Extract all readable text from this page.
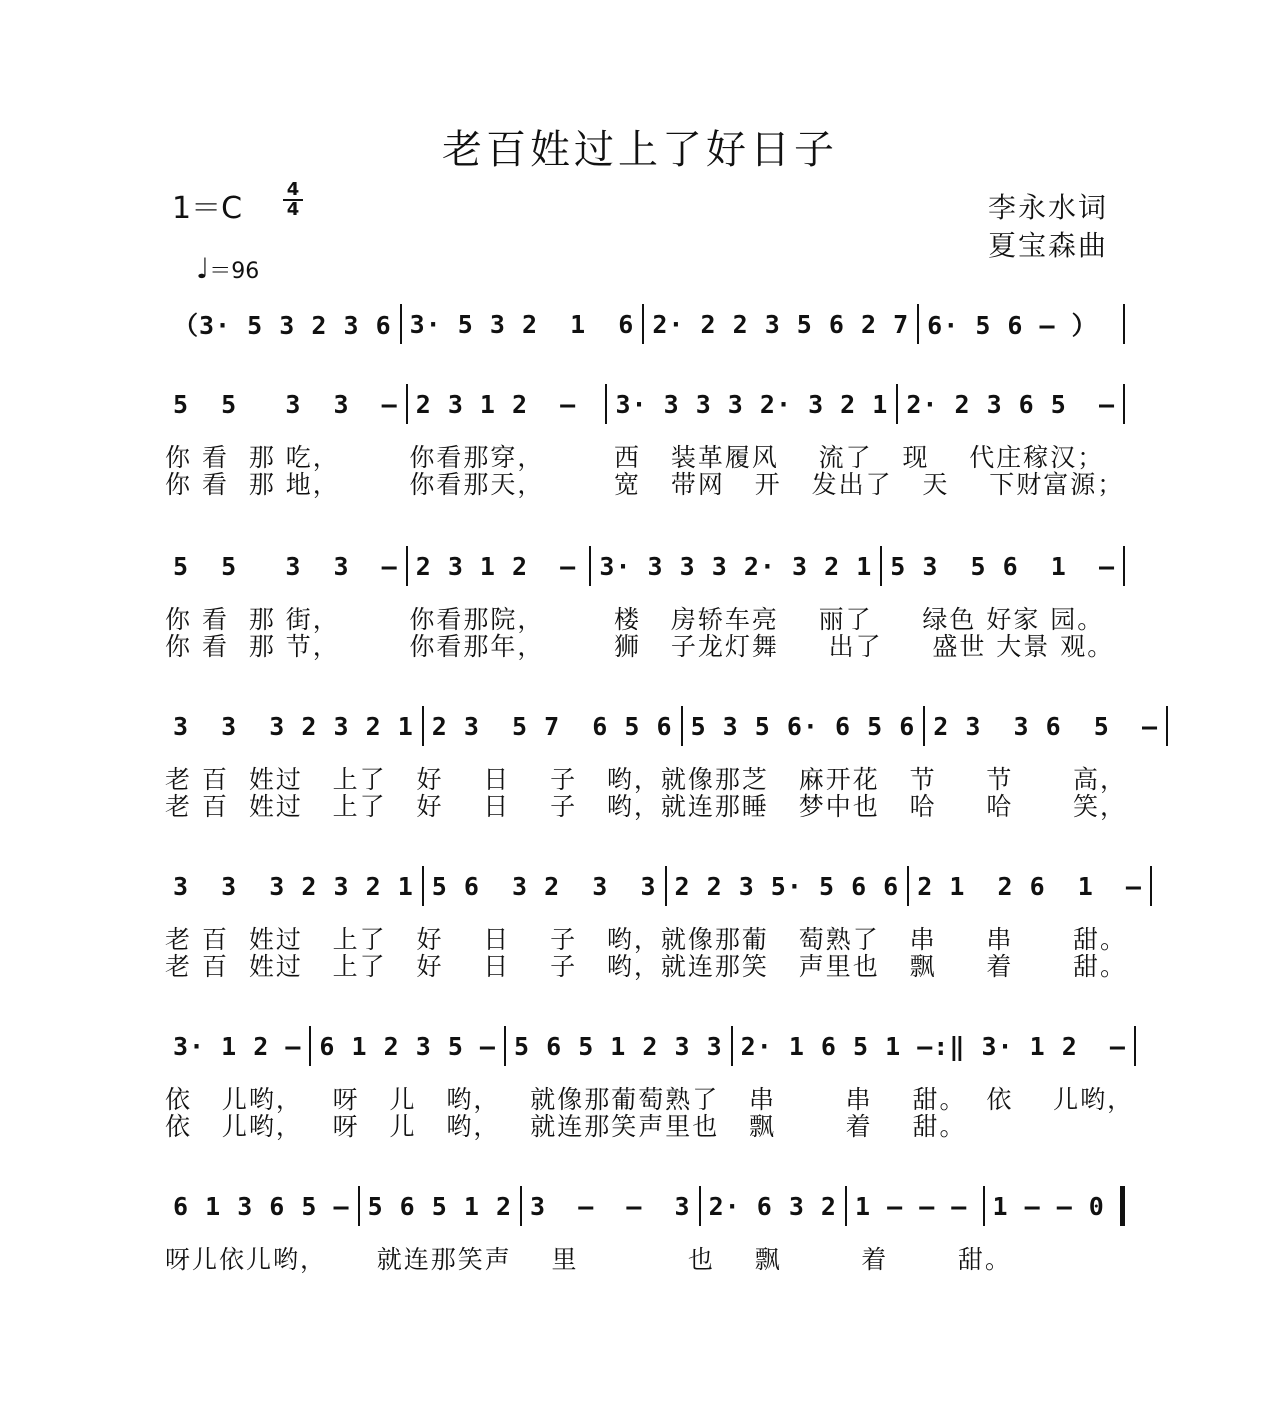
老百姓过上了好日子
1＝C
4
4
♩＝96
李永水词
夏宝森曲
（3· 5 3 2 3 6 3· 5 3 2  1  6 2· 2 2 3 5 6 2 7 6· 5 6 — ）
5  5   3  3  — 2 3 1 2  —	3· 3 3 3 2· 3 2 1 2· 2 3 6 5  —
你 看  那 吃，       你看那穿，       西   装革履风    流了   现    代庄稼汉；
你 看  那 地，       你看那天，       宽   带网   开   发出了   天    下财富源；
5  5   3  3  — 2 3 1 2  — 3· 3 3 3 2· 3 2 1 5 3  5 6  1  —
你 看  那 街，       你看那院，       楼   房轿车亮    丽了     绿色 好家 园。
你 看  那 节，       你看那年，       狮   子龙灯舞     出了     盛世 大景 观。
3  3  3 2 3 2 1 2 3  5 7  6 5 6 5 3 5 6· 6 5 6 2 3  3 6  5  —
老 百  姓过   上了   好    日    子   哟，就像那芝   麻开花   节     节      高，
老 百  姓过   上了   好    日    子   哟，就连那睡   梦中也   哈     哈      笑，
3  3  3 2 3 2 1 5 6  3 2  3  3 2 2 3 5· 5 6 6 2 1  2 6  1  —
老 百  姓过   上了   好    日    子   哟，就像那葡   萄熟了   串     串      甜。
老 百  姓过   上了   好    日    子   哟，就连那笑   声里也   飘     着      甜。
3· 1 2 — 6 1 2 3 5 — 5 6 5 1 2 3 3 2· 1 6 5 1 —:‖ 3· 1 2  —
依   儿哟，   呀   儿   哟，   就像那葡萄熟了   串       串    甜。  依    儿哟，
依   儿哟，   呀   儿   哟，   就连那笑声里也   飘       着    甜。
6 1 3 6 5 — 5 6 5 1 2 3  —  —  3 2· 6 3 2 1 — — —	1 — — 0
呀儿依儿哟，     就连那笑声    里           也    飘        着       甜。
